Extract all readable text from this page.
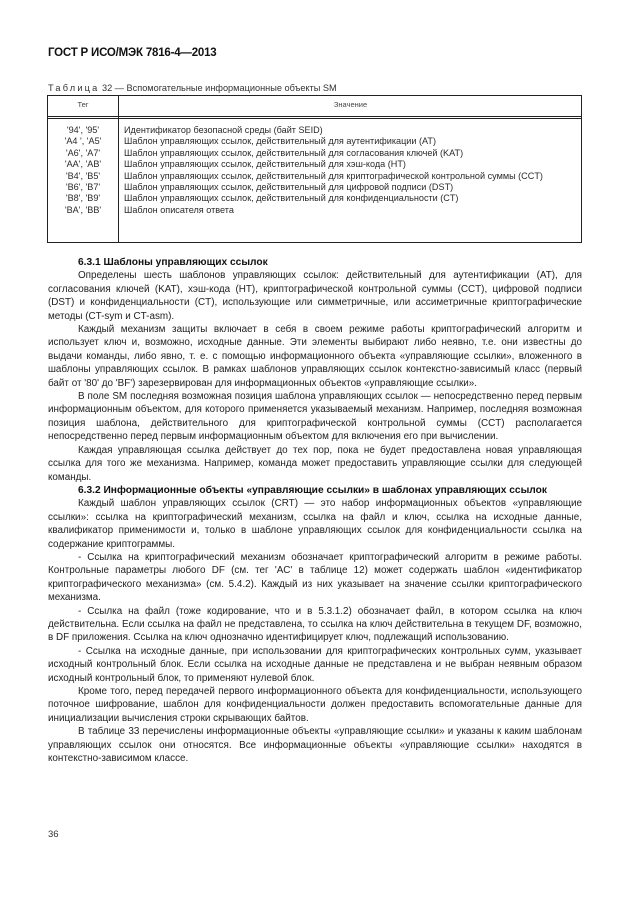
ГОСТ Р ИСО/МЭК 7816-4—2013
Таблица 32 — Вспомогательные информационные объекты SM
Тег	Значение
'94', '95'	Идентификатор безопасной среды (байт SEID)
'A4 ', 'A5'	Шаблон управляющих ссылок, действительный для аутентификации (AT)
'A6', 'A7'	Шаблон управляющих ссылок, действительный для согласования ключей (KAT)
'AA', 'AB'	Шаблон управляющих ссылок, действительный для хэш-кода (HT)
'B4', 'B5'	Шаблон управляющих ссылок, действительный для криптографической контрольной суммы (CCT)
'B6', 'B7'	Шаблон управляющих ссылок, действительный для цифровой подписи (DST)
'B8', 'B9'	Шаблон управляющих ссылок, действительный для конфиденциальности (CT)
'BA', 'BB'	Шаблон описателя ответа
6.3.1 Шаблоны управляющих ссылок

Определены шесть шаблонов управляющих ссылок: действительный для аутентификации (AT), для согласования ключей (KAT), хэш-кода (HT), криптографической контрольной суммы (CCT), цифровой подписи (DST) и конфиденциальности (CT), использующие или симметричные, или ассиметричные криптографические методы (CT-sym и CT-asm).

Каждый механизм защиты включает в себя в своем режиме работы криптографический алгоритм и использует ключ и, возможно, исходные данные. Эти элементы выбирают либо неявно, т.е. они известны до выдачи команды, либо явно, т. е. с помощью информационного объекта «управляющие ссылки», вложенного в шаблоны управляющих ссылок. В рамках шаблонов управляющих ссылок контекстно-зависимый класс (первый байт от '80' до 'BF') зарезервирован для информационных объектов «управляющие ссылки».

В поле SM последняя возможная позиция шаблона управляющих ссылок — непосредственно перед первым информационным объектом, для которого применяется указываемый механизм. Например, последняя возможная позиция шаблона, действительного для криптографической контрольной суммы (CCT) располагается непосредственно перед первым информационным объектом для включения его при вычислении.

Каждая управляющая ссылка действует до тех пор, пока не будет предоставлена новая управляющая ссылка для того же механизма. Например, команда может предоставить управляющие ссылки для следующей команды.

6.3.2 Информационные объекты «управляющие ссылки» в шаблонах управляющих ссылок

Каждый шаблон управляющих ссылок (CRT) — это набор информационных объектов «управляющие ссылки»: ссылка на криптографический механизм, ссылка на файл и ключ, ссылка на исходные данные, квалификатор применимости и, только в шаблоне управляющих ссылок для конфиденциальности ссылка на содержание криптограммы.

- Ссылка на криптографический механизм обозначает криптографический алгоритм в режиме работы. Контрольные параметры любого DF (см. тег 'AC' в таблице 12) может содержать шаблон «идентификатор криптографического механизма» (см. 5.4.2). Каждый из них указывает на значение ссылки криптографического механизма.

- Ссылка на файл (тоже кодирование, что и в 5.3.1.2) обозначает файл, в котором ссылка на ключ действительна. Если ссылка на файл не представлена, то ссылка на ключ действительна в текущем DF, возможно, в DF приложения. Ссылка на ключ однозначно идентифицирует ключ, подлежащий использованию.

- Ссылка на исходные данные, при использовании для криптографических контрольных сумм, указывает исходный контрольный блок. Если ссылка на исходные данные не представлена и не выбран неявным образом исходный контрольный блок, то применяют нулевой блок.

Кроме того, перед передачей первого информационного объекта для конфиденциальности, использующего поточное шифрование, шаблон для конфиденциальности должен предоставить вспомогательные данные для инициализации вычисления строки скрывающих байтов.

В таблице 33 перечислены информационные объекты «управляющие ссылки» и указаны к каким шаблонам управляющих ссылок они относятся. Все информационные объекты «управляющие ссылки» находятся в контекстно-зависимом классе.

36
